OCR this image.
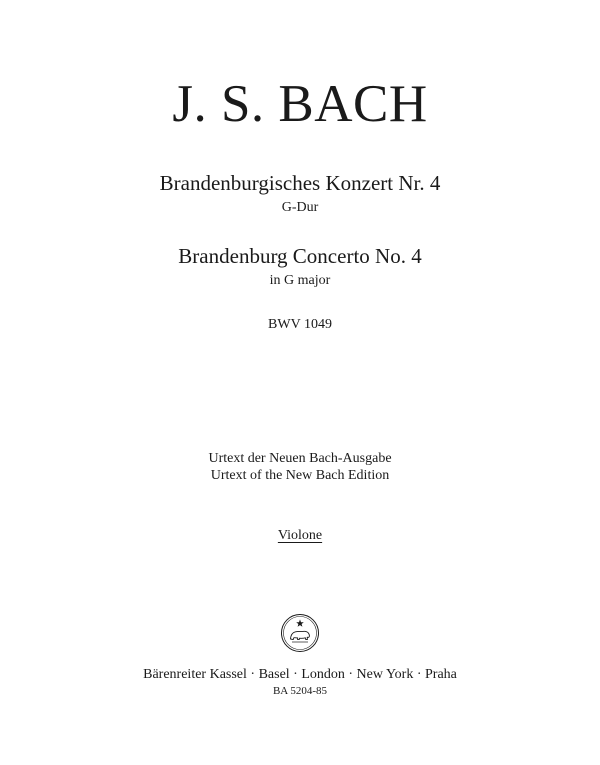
J. S. BACH
Brandenburgisches Konzert Nr. 4
G-Dur
Brandenburg Concerto No. 4
in G major
BWV 1049
Urtext der Neuen Bach-Ausgabe
Urtext of the New Bach Edition
Violone
Bärenreiter Kassel · Basel · London · New York · Praha
BA 5204-85
